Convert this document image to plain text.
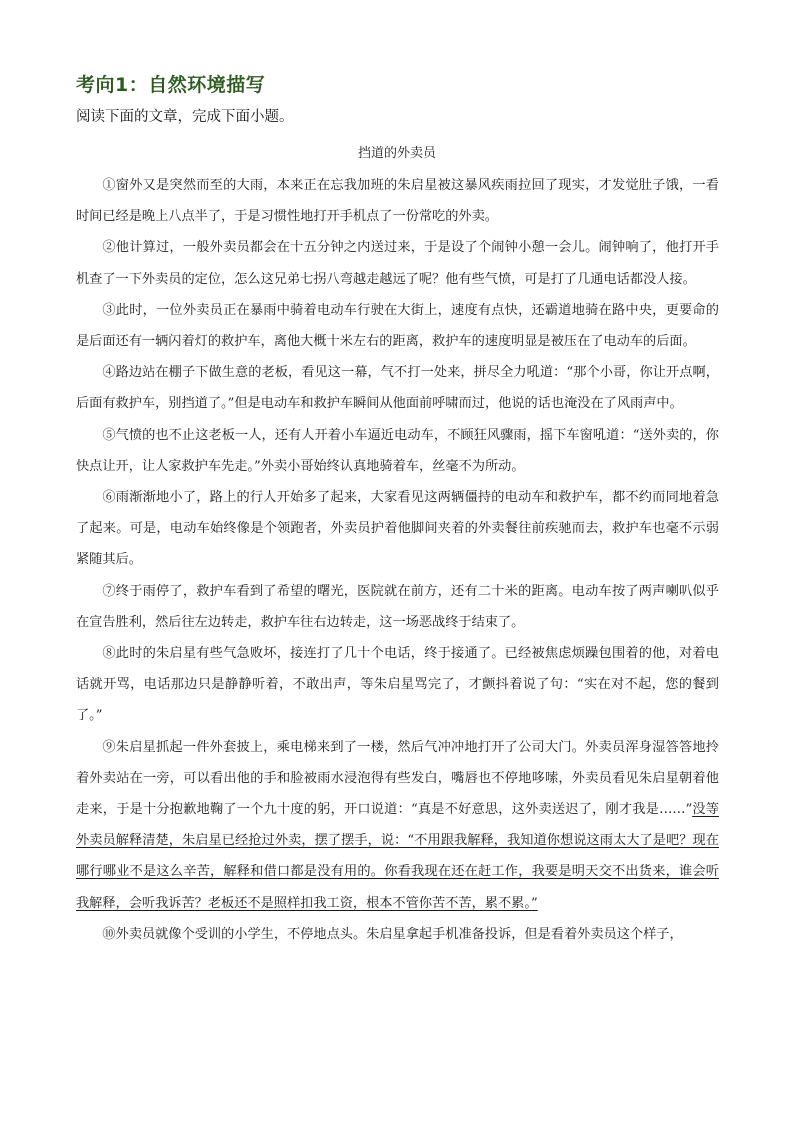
考向1：自然环境描写
阅读下面的文章，完成下面小题。
挡道的外卖员

①窗外又是突然而至的大雨，本来正在忘我加班的朱启星被这暴风疾雨拉回了现实，才发觉肚子饿，一看时间已经是晚上八点半了，于是习惯性地打开手机点了一份常吃的外卖。

②他计算过，一般外卖员都会在十五分钟之内送过来，于是设了个闹钟小憩一会儿。闹钟响了，他打开手机查了一下外卖员的定位，怎么这兄弟七拐八弯越走越远了呢？他有些气愤，可是打了几通电话都没人接。

③此时，一位外卖员正在暴雨中骑着电动车行驶在大街上，速度有点快，还霸道地骑在路中央，更要命的是后面还有一辆闪着灯的救护车，离他大概十米左右的距离，救护车的速度明显是被压在了电动车的后面。

④路边站在棚子下做生意的老板，看见这一幕，气不打一处来，拼尽全力吼道：“那个小哥，你让开点啊，后面有救护车，别挡道了。”但是电动车和救护车瞬间从他面前呼啸而过，他说的话也淹没在了风雨声中。

⑤气愤的也不止这老板一人，还有人开着小车逼近电动车，不顾狂风骤雨，摇下车窗吼道：“送外卖的，你快点让开，让人家救护车先走。”外卖小哥始终认真地骑着车，丝毫不为所动。

⑥雨渐渐地小了，路上的行人开始多了起来，大家看见这两辆僵持的电动车和救护车，都不约而同地着急了起来。可是，电动车始终像是个领跑者，外卖员护着他脚间夹着的外卖餐往前疾驰而去，救护车也毫不示弱紧随其后。

⑦终于雨停了，救护车看到了希望的曙光，医院就在前方，还有二十米的距离。电动车按了两声喇叭似乎在宣告胜利，然后往左边转走，救护车往右边转走，这一场恶战终于结束了。

⑧此时的朱启星有些气急败坏，接连打了几十个电话，终于接通了。已经被焦虑烦躁包围着的他，对着电话就开骂，电话那边只是静静听着，不敢出声，等朱启星骂完了，才颤抖着说了句：“实在对不起，您的餐到了。”

⑨朱启星抓起一件外套披上，乘电梯来到了一楼，然后气冲冲地打开了公司大门。外卖员浑身湿答答地拎着外卖站在一旁，可以看出他的手和脸被雨水浸泡得有些发白，嘴唇也不停地哆嗦，外卖员看见朱启星朝着他走来，于是十分抱歉地鞠了一个九十度的躬，开口说道：“真是不好意思，这外卖送迟了，刚才我是……”没等外卖员解释清楚，朱启星已经抢过外卖，摆了摆手，说：“不用跟我解释，我知道你想说这雨太大了是吧？现在哪行哪业不是这么辛苦，解释和借口都是没有用的。你看我现在还在赶工作，我要是明天交不出货来，谁会听我解释，会听我诉苦？老板还不是照样扣我工资，根本不管你苦不苦，累不累。”

⑩外卖员就像个受训的小学生，不停地点头。朱启星拿起手机准备投诉，但是看着外卖员这个样子，
